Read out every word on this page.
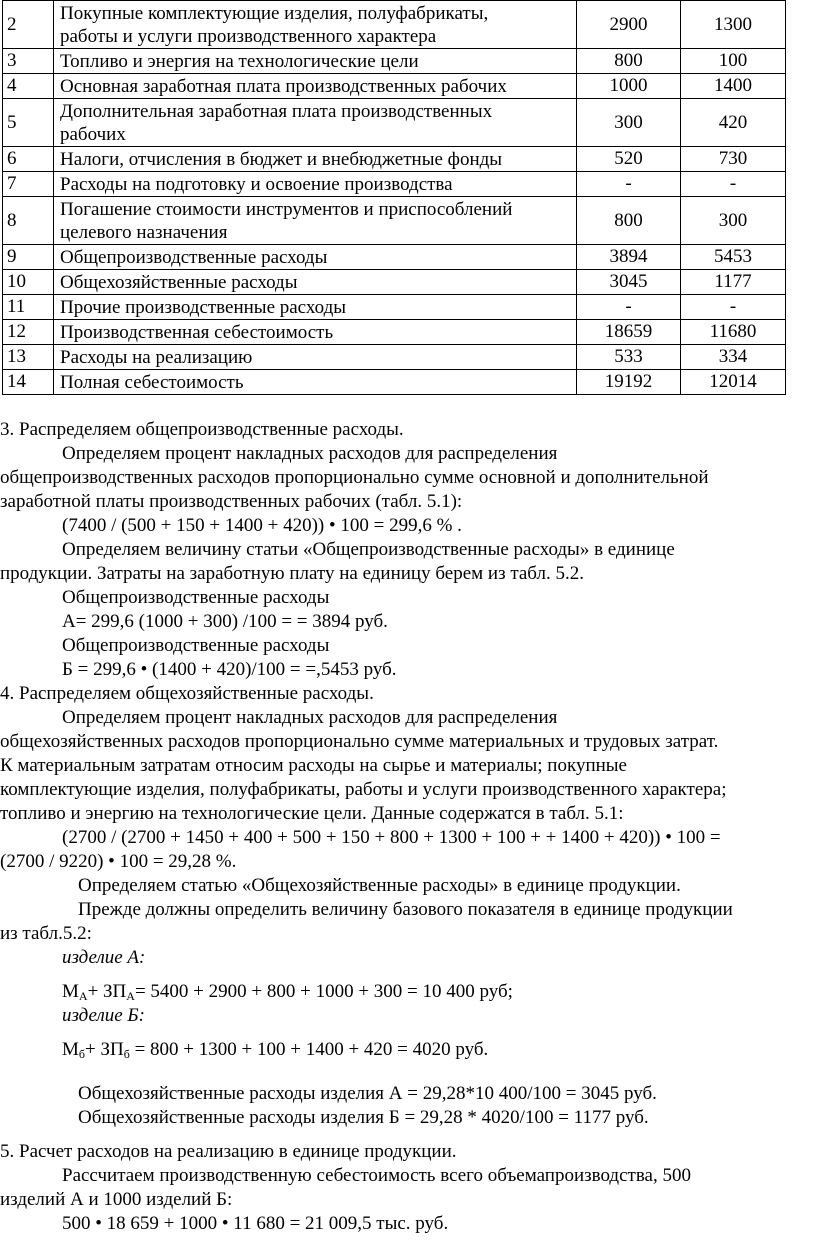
2	Покупные комплектующие изделия, полуфабрикаты,
работы и услуги производственного характера	2900	1300
3	Топливо и энергия на технологические цели	800	100
4	Основная заработная плата производственных рабочих	1000	1400
5	Дополнительная заработная плата производственных
рабочих	300	420
6	Налоги, отчисления в бюджет и внебюджетные фонды	520	730
7	Расходы на подготовку и освоение производства	-	-
8	Погашение стоимости инструментов и приспособлений
целевого назначения	800	300
9	Общепроизводственные расходы	3894	5453
10	Общехозяйственные расходы	3045	1177
11	Прочие производственные расходы	-	-
12	Производственная себестоимость	18659	11680
13	Расходы на реализацию	533	334
14	Полная себестоимость	19192	12014

3. Распределяем общепроизводственные расходы.

Определяем процент накладных расходов для распределения

общепроизводственных расходов пропорционально сумме основной и дополнительной

заработной платы производственных рабочих (табл. 5.1):

(7400 / (500 + 150 + 1400 + 420)) • 100 = 299,6 % .

Определяем величину статьи «Общепроизводственные расходы» в единице

продукции. Затраты на заработную плату на единицу берем из табл. 5.2.

Общепроизводственные расходы

А= 299,6 (1000 + 300) /100 = = 3894 руб.

Общепроизводственные расходы

Б = 299,6 • (1400 + 420)/100 = =,5453 руб.

4. Распределяем общехозяйственные расходы.

Определяем процент накладных расходов для распределения

общехозяйственных расходов пропорционально сумме материальных и трудовых затрат.

К материальным затратам относим расходы на сырье и материалы; покупные

комплектующие изделия, полуфабрикаты, работы и услуги производственного характера;

топливо и энергию на технологические цели. Данные содержатся в табл. 5.1:

(2700 / (2700 + 1450 + 400 + 500 + 150 + 800 + 1300 + 100 + + 1400 + 420)) • 100 =

(2700 / 9220) • 100 = 29,28 %.

Определяем статью «Общехозяйственные расходы» в единице продукции.

Прежде должны определить величину базового показателя в единице продукции

из табл.5.2:

изделие А:

$М_А+ ЗП_А= 5400 + 2900 + 800 + 1000 + 300 = 10$ 400 руб;

изделие Б:

$М_б+ ЗП_б = 800 + 1300 + 100 + 1400 + 420 = 4020$ руб.

Общехозяйственные расходы изделия А = 29,28*10 400/100 = 3045 руб.

Общехозяйственные расходы изделия Б = 29,28 * 4020/100 = 1177 руб.

5. Расчет расходов на реализацию в единице продукции.

Рассчитаем производственную себестоимость всего объемапроизводства, 500

изделий А и 1000 изделий Б:

500 • 18 659 + 1000 • 11 680 = 21 009,5 тыс. руб.
